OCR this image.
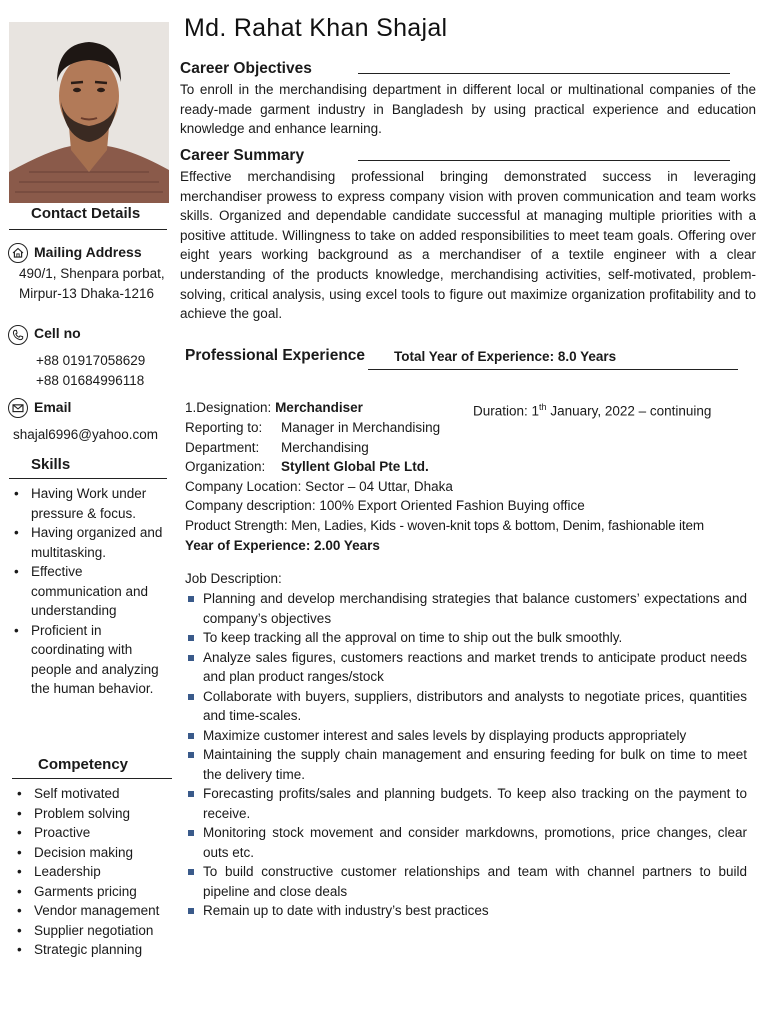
Contact Details
Mailing Address
490/1, Shenpara porbat,
Mirpur-13 Dhaka-1216
Cell no
+88 01917058629
+88 01684996118
Email
shajal6996@yahoo.com
Skills
• Having Work under pressure & focus.
• Having organized and multitasking.
• Effective communication and understanding
• Proficient in coordinating with people and analyzing the human behavior.
Competency
• Self motivated
• Problem solving
• Proactive
• Decision making
• Leadership
• Garments pricing
• Vendor management
• Supplier negotiation
• Strategic planning
Md. Rahat Khan Shajal
Career Objectives
To enroll in the merchandising department in different local or multinational companies of the ready-made garment industry in Bangladesh by using practical experience and education knowledge and enhance learning.
Career Summary
Effective merchandising professional bringing demonstrated success in leveraging merchandiser prowess to express company vision with proven communication and team works skills. Organized and dependable candidate successful at managing multiple priorities with a positive attitude. Willingness to take on added responsibilities to meet team goals. Offering over eight years working background as a merchandiser of a textile engineer with a clear understanding of the products knowledge, merchandising activities, self-motivated, problem-solving, critical analysis, using excel tools to figure out maximize organization profitability and to achieve the goal.
Professional Experience Total Year of Experience: 8.0 Years
1.Designation: Merchandiser	Duration: 1th January, 2022 – continuing
Reporting to: Manager in Merchandising
Department: Merchandising
Organization: Styllent Global Pte Ltd.
Company Location: Sector – 04 Uttar, Dhaka
Company description: 100% Export Oriented Fashion Buying office
Product Strength: Men, Ladies, Kids - woven-knit tops & bottom, Denim, fashionable item
Year of Experience: 2.00 Years
Job Description:
Planning and develop merchandising strategies that balance customers’ expectations and company’s objectives
To keep tracking all the approval on time to ship out the bulk smoothly.
Analyze sales figures, customers reactions and market trends to anticipate product needs and plan product ranges/stock
Collaborate with buyers, suppliers, distributors and analysts to negotiate prices, quantities and time-scales.
Maximize customer interest and sales levels by displaying products appropriately
Maintaining the supply chain management and ensuring feeding for bulk on time to meet the delivery time.
Forecasting profits/sales and planning budgets. To keep also tracking on the payment to receive.
Monitoring stock movement and consider markdowns, promotions, price changes, clear outs etc.
To build constructive customer relationships and team with channel partners to build pipeline and close deals
Remain up to date with industry’s best practices
